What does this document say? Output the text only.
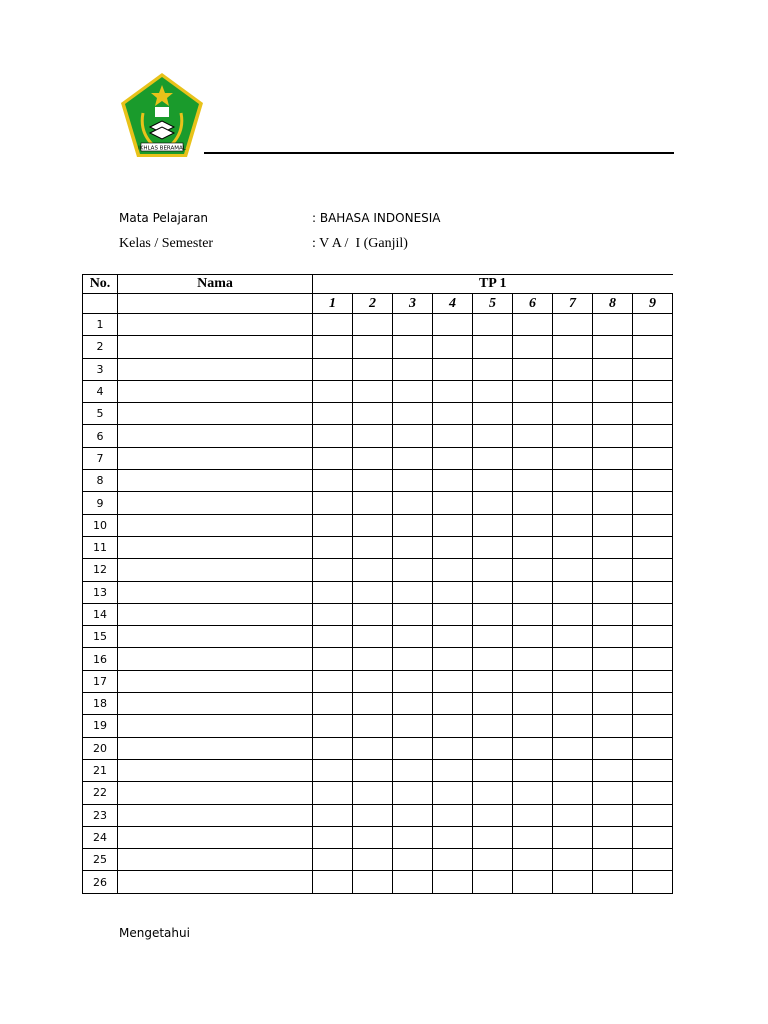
IKHLAS BERAMAL
Mata Pelajaran	: BAHASA INDONESIA
Kelas / Semester	: V A /  I (Ganjil)
No.	Nama	TP 1								
		1	2	3	4	5	6	7	8	9
1										
2										
3										
4										
5										
6										
7										
8										
9										
10										
11										
12										
13										
14										
15										
16										
17										
18										
19										
20										
21										
22										
23										
24										
25										
26										
Mengetahui
